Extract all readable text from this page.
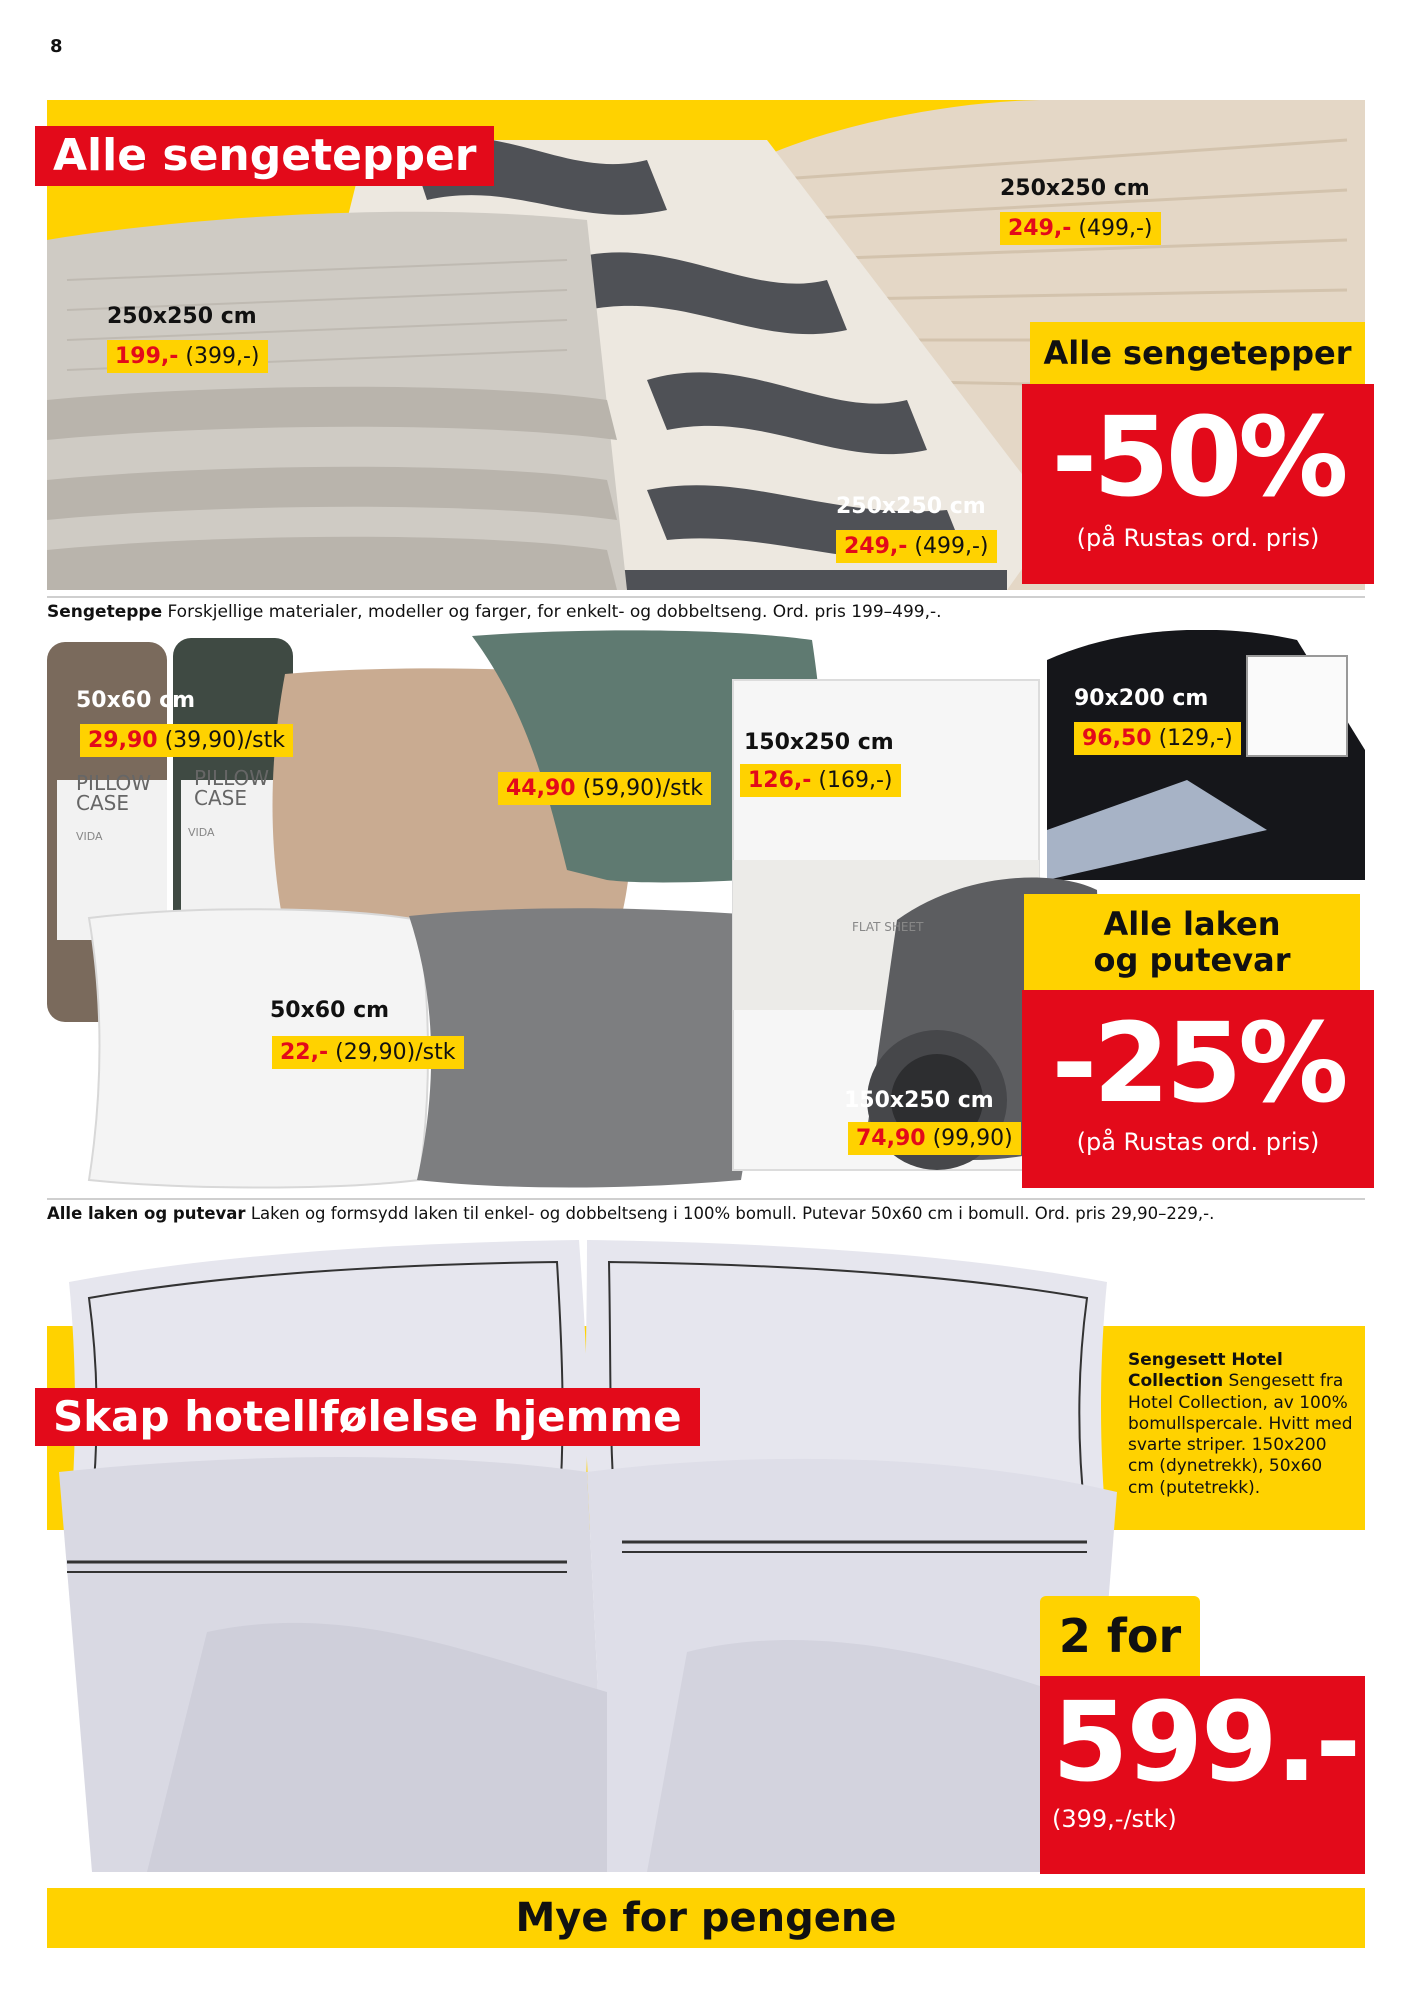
8
Alle sengetepper
250x250 cm
199,- (399,-)
250x250 cm
249,- (499,-)
250x250 cm
249,- (499,-)
Alle sengetepper
-50%
(på Rustas ord. pris)
Sengeteppe Forskjellige materialer, modeller og farger, for enkelt- og dobbeltseng. Ord. pris 199–499,-.
PILLOW CASE
PILLOW CASE
VIDA	VIDA
FLAT SHEET
50x60 cm
29,90 (39,90)/stk
44,90 (59,90)/stk
150x250 cm
126,- (169,-)
90x200 cm
96,50 (129,-)
50x60 cm
22,- (29,90)/stk
150x250 cm
74,90 (99,90)
Alle laken
og putevar
-25%
(på Rustas ord. pris)
Alle laken og putevar Laken og formsydd laken til enkel- og dobbeltseng i 100% bomull. Putevar 50x60 cm i bomull. Ord. pris 29,90–229,-.
Skap hotellfølelse hjemme
Sengesett Hotel Collection Sengesett fra Hotel Collection, av 100% bomullspercale. Hvitt med svarte striper. 150x200 cm (dynetrekk), 50x60 cm (putetrekk).
2 for
599.-
(399,-/stk)
Mye for pengene
